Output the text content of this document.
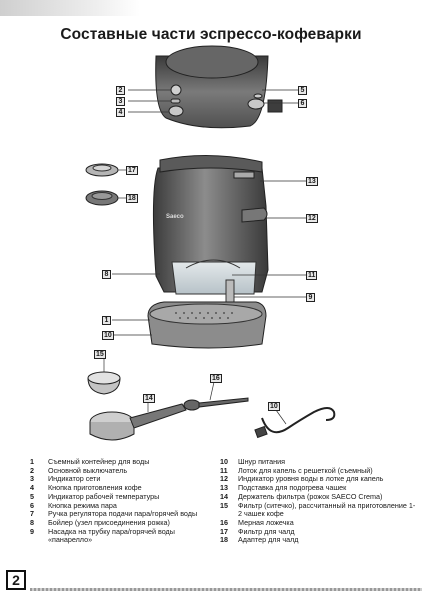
Составные части эспрессо-кофеварки
Saeco
2
3
4
5
6
17
18
13
12
8	11
9
1
10
15
14
16
10
1	Съемный контейнер для воды
2	Основной выключатель
3	Индикатор сети
4	Кнопка приготовления кофе
5	Индикатор рабочей температуры
6	Кнопка режима пара
7	Ручка регулятора подачи пара/горячей воды
8	Бойлер (узел присоединения рожка)
9	Насадка на трубку пара/горячей воды «панарелло»
10	Шнур питания
11	Лоток для капель с решеткой (съемный)
12	Индикатор уровня воды в лотке для капель
13	Подставка для подогрева чашек
14	Держатель фильтра (рожок SAECO Crema)
15	Фильтр (ситечко), рассчитанный на приготовление 1-2 чашек кофе
16	Мерная ложечка
17	Фильтр для чалд
18	Адаптер для чалд
2
